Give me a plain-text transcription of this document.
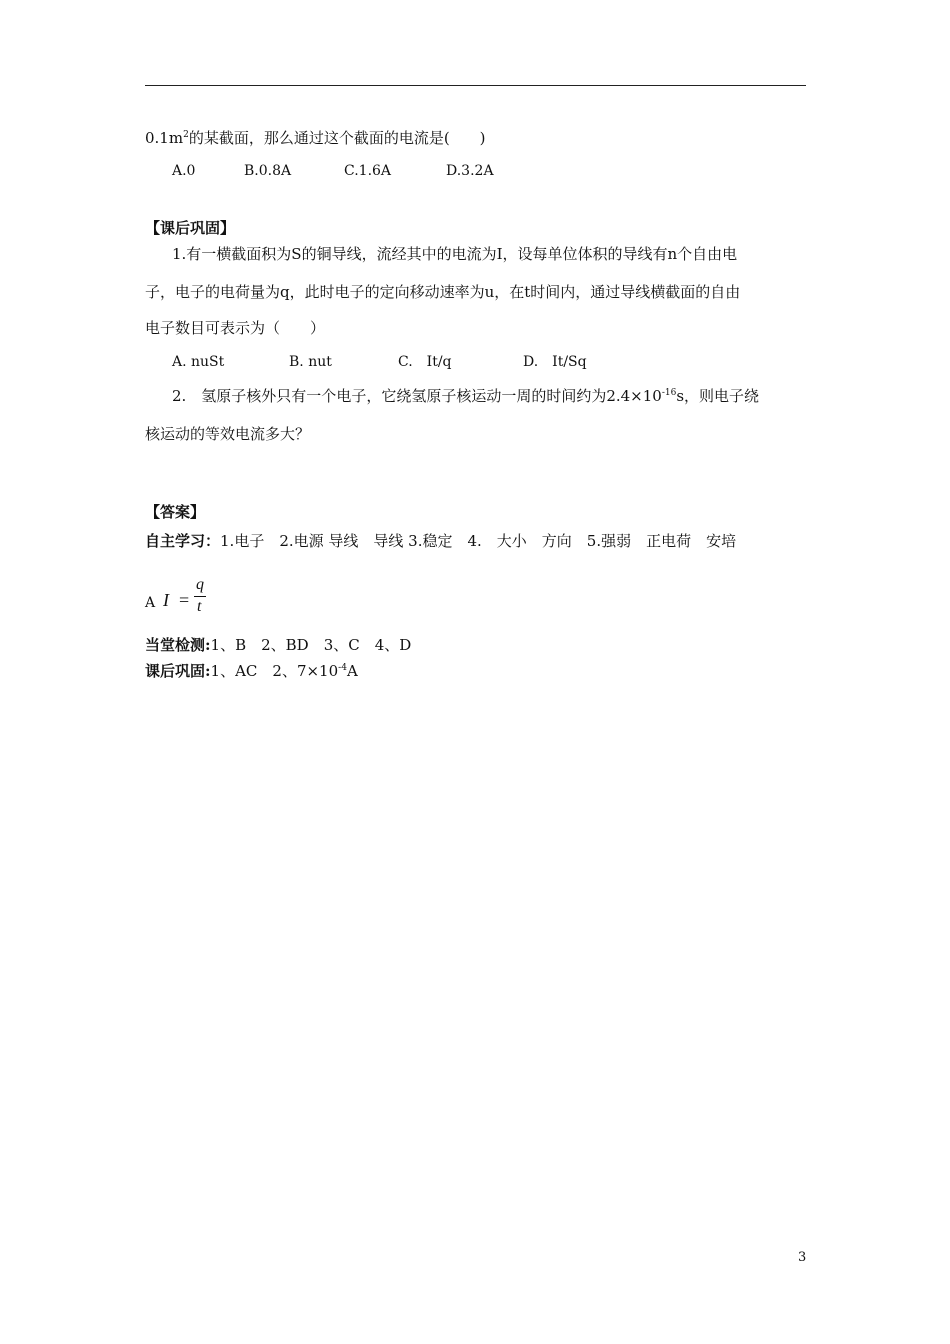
$0.1m^2$的某截面，那么通过这个截面的电流是(　　)
A.0	B.0.8A	C.1.6A	D.3.2A
【课后巩固】
1.有一横截面积为S的铜导线，流经其中的电流为I，设每单位体积的导线有n个自由电
子，电子的电荷量为q，此时电子的定向移动速率为u，在t时间内，通过导线横截面的自由
电子数目可表示为（　　）
A. nuSt	B. nut	C.　It/q	D.　It/Sq
2.　氢原子核外只有一个电子，它绕氢原子核运动一周的时间约为$2.4\times 10^{-16}s$，则电子绕
核运动的等效电流多大？
【答案】
自主学习：1.电子　2.电源 导线　导线 3.稳定　4.　大小　方向　5.强弱　正电荷　安培
A I =
q
t
当堂检测:1、B　2、BD　3、C　4、D
课后巩固:1、AC　2、$7\times 10^{-4}A$
3
